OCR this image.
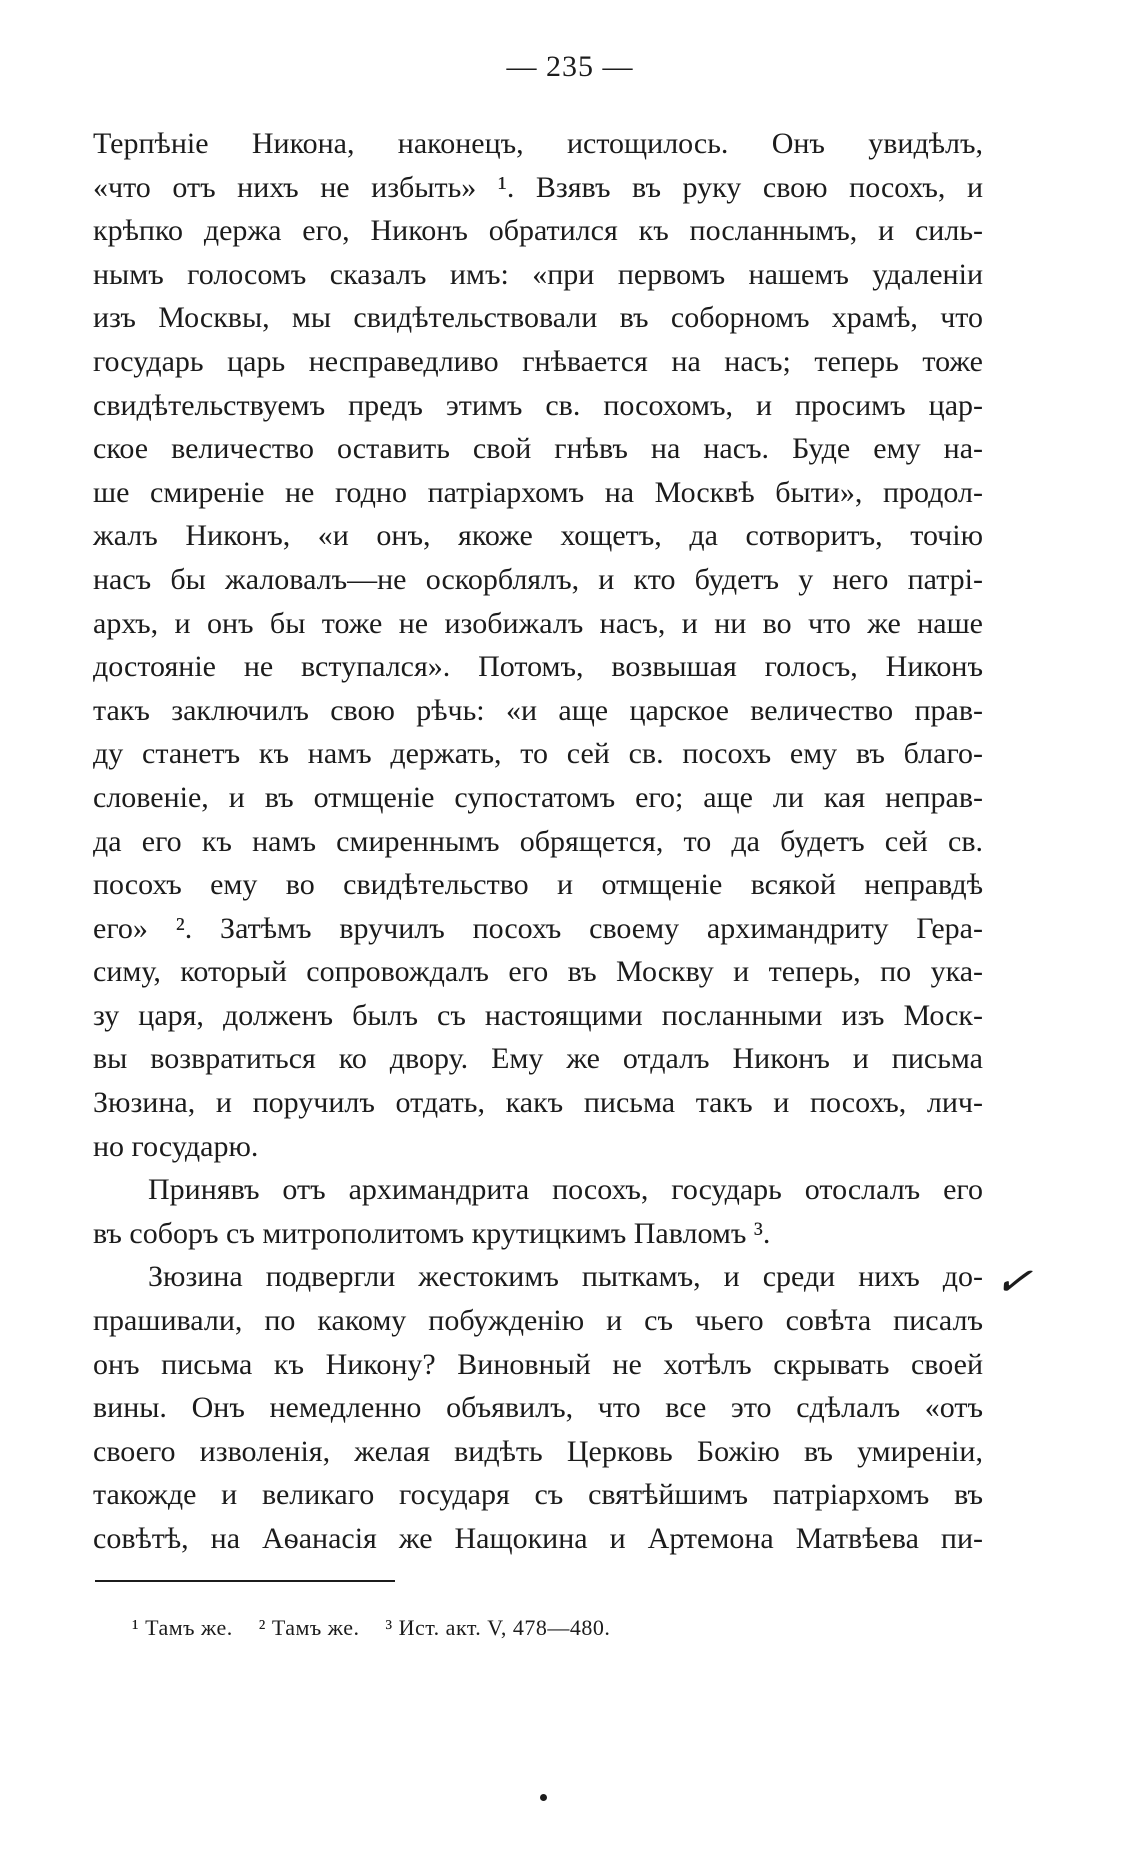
— 235 —
Терпѣніе Никона, наконецъ, истощилось. Онъ увидѣлъ,
«что отъ нихъ не избыть» ¹. Взявъ въ руку свою посохъ, и
крѣпко держа его, Никонъ обратился къ посланнымъ, и силь-
нымъ голосомъ сказалъ имъ: «при первомъ нашемъ удаленіи
изъ Москвы, мы свидѣтельствовали въ соборномъ храмѣ, что
государь царь несправедливо гнѣвается на насъ; теперь тоже
свидѣтельствуемъ предъ этимъ св. посохомъ, и просимъ цар-
ское величество оставить свой гнѣвъ на насъ. Буде ему на-
ше смиреніе не годно патріархомъ на Москвѣ быти», продол-
жалъ Никонъ, «и онъ, якоже хощетъ, да сотворитъ, точію
насъ бы жаловалъ—не оскорблялъ, и кто будетъ у него патрі-
архъ, и онъ бы тоже не изобижалъ насъ, и ни во что же наше
достояніе не вступался». Потомъ, возвышая голосъ, Никонъ
такъ заключилъ свою рѣчь: «и аще царское величество прав-
ду станетъ къ намъ держать, то сей св. посохъ ему въ благо-
словеніе, и въ отмщеніе супостатомъ его; аще ли кая неправ-
да его къ намъ смиреннымъ обрящется, то да будетъ сей св.
посохъ ему во свидѣтельство и отмщеніе всякой неправдѣ
его» ². Затѣмъ вручилъ посохъ своему архимандриту Гера-
симу, который сопровождалъ его въ Москву и теперь, по ука-
зу царя, долженъ былъ съ настоящими посланными изъ Моск-
вы возвратиться ко двору. Ему же отдалъ Никонъ и письма
Зюзина, и поручилъ отдать, какъ письма такъ и посохъ, лич-
но государю.
Принявъ отъ архимандрита посохъ, государь отослалъ его
въ соборъ съ митрополитомъ крутицкимъ Павломъ ³.
Зюзина подвергли жестокимъ пыткамъ, и среди нихъ до-
прашивали, по какому побужденію и съ чьего совѣта писалъ
онъ письма къ Никону? Виновный не хотѣлъ скрывать своей
вины. Онъ немедленно объявилъ, что все это сдѣлалъ «отъ
своего изволенія, желая видѣть Церковь Божію въ умиреніи,
такожде и великаго государя съ святѣйшимъ патріархомъ въ
совѣтѣ, на Аѳанасія же Нащокина и Артемона Матвѣева пи-
✓
¹ Тамъ же. ² Тамъ же. ³ Ист. акт. V, 478—480.
